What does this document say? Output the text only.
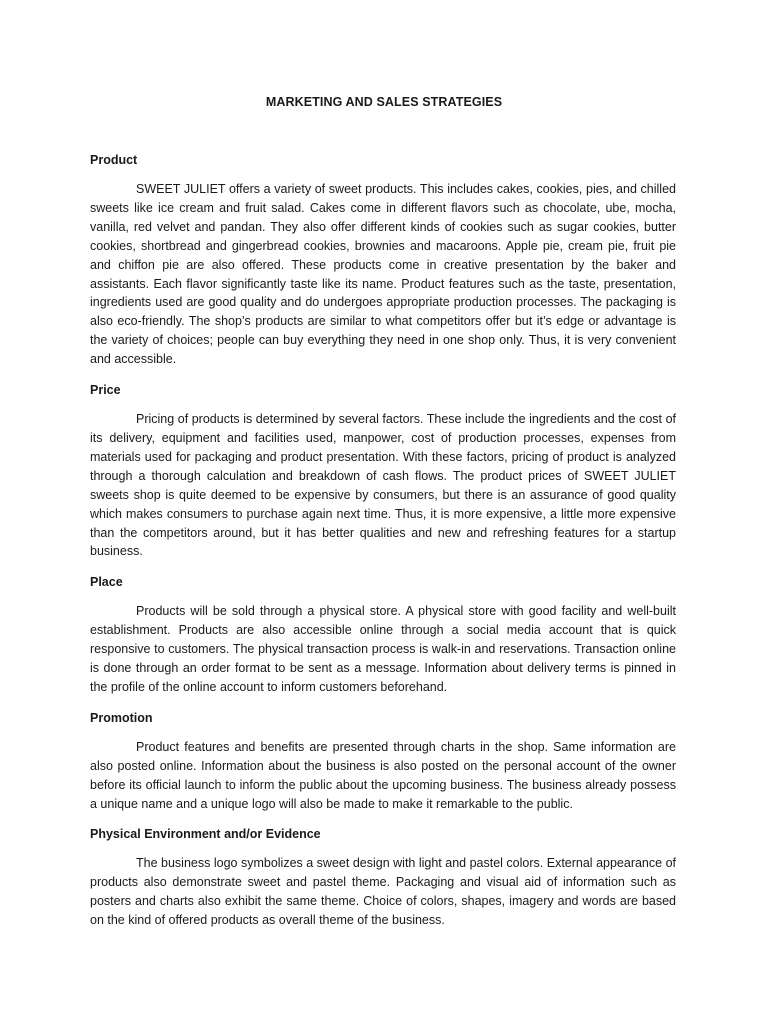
MARKETING AND SALES STRATEGIES
Product

SWEET JULIET offers a variety of sweet products. This includes cakes, cookies, pies, and chilled sweets like ice cream and fruit salad. Cakes come in different flavors such as chocolate, ube, mocha, vanilla, red velvet and pandan. They also offer different kinds of cookies such as sugar cookies, butter cookies, shortbread and gingerbread cookies, brownies and macaroons. Apple pie, cream pie, fruit pie and chiffon pie are also offered. These products come in creative presentation by the baker and assistants. Each flavor significantly taste like its name. Product features such as the taste, presentation, ingredients used are good quality and do undergoes appropriate production processes. The packaging is also eco-friendly. The shop’s products are similar to what competitors offer but it’s edge or advantage is the variety of choices; people can buy everything they need in one shop only. Thus, it is very convenient and accessible.

Price

Pricing of products is determined by several factors. These include the ingredients and the cost of its delivery, equipment and facilities used, manpower, cost of production processes, expenses from materials used for packaging and product presentation. With these factors, pricing of product is analyzed through a thorough calculation and breakdown of cash flows. The product prices of SWEET JULIET sweets shop is quite deemed to be expensive by consumers, but there is an assurance of good quality which makes consumers to purchase again next time. Thus, it is more expensive, a little more expensive than the competitors around, but it has better qualities and new and refreshing features for a startup business.

Place

Products will be sold through a physical store. A physical store with good facility and well-built establishment. Products are also accessible online through a social media account that is quick responsive to customers. The physical transaction process is walk-in and reservations. Transaction online is done through an order format to be sent as a message. Information about delivery terms is pinned in the profile of the online account to inform customers beforehand.

Promotion

Product features and benefits are presented through charts in the shop. Same information are also posted online. Information about the business is also posted on the personal account of the owner before its official launch to inform the public about the upcoming business. The business already possess a unique name and a unique logo will also be made to make it remarkable to the public.

Physical Environment and/or Evidence

The business logo symbolizes a sweet design with light and pastel colors. External appearance of products also demonstrate sweet and pastel theme. Packaging and visual aid of information such as posters and charts also exhibit the same theme. Choice of colors, shapes, imagery and words are based on the kind of offered products as overall theme of the business.
